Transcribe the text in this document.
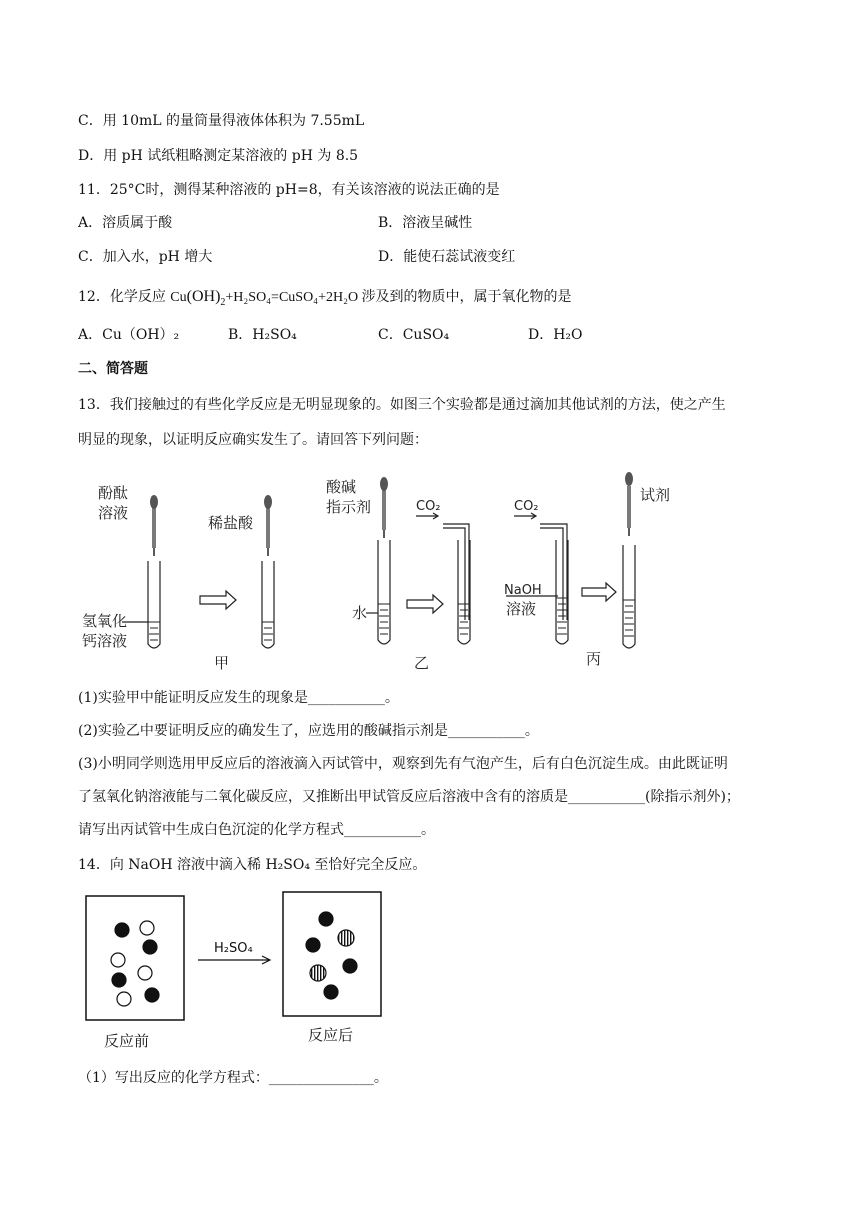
C．用 10mL 的量筒量得液体体积为 7.55mL
D．用 pH 试纸粗略测定某溶液的 pH 为 8.5
11．25°C时，测得某种溶液的 pH=8，有关该溶液的说法正确的是
A．溶质属于酸	B．溶液呈碱性
C．加入水，pH 增大	D．能使石蕊试液变红
12．化学反应 $Cu(OH)_2+H_2SO_4=CuSO_4+2H_2O$ 涉及到的物质中，属于氧化物的是
A．Cu（OH）₂	B．H₂SO₄	C．CuSO₄	D．H₂O
二、简答题
13．我们接触过的有些化学反应是无明显现象的。如图三个实验都是通过滴加其他试剂的方法，使之产生
明显的现象，以证明反应确实发生了。请回答下列问题：
酚酞
溶液
稀盐酸
氢氧化
钙溶液
甲
酸碱
指示剂	CO₂
水
乙
CO₂
NaOH
溶液
试剂
丙
(1)实验甲中能证明反应发生的现象是___________。
(2)实验乙中要证明反应的确发生了，应选用的酸碱指示剂是___________。
(3)小明同学则选用甲反应后的溶液滴入丙试管中，观察到先有气泡产生，后有白色沉淀生成。由此既证明
了氢氧化钠溶液能与二氧化碳反应，又推断出甲试管反应后溶液中含有的溶质是___________(除指示剂外)；
请写出丙试管中生成白色沉淀的化学方程式___________。
14．向 NaOH 溶液中滴入稀 H₂SO₄ 至恰好完全反应。
H₂SO₄
反应前	反应后
（1）写出反应的化学方程式：_______________。
